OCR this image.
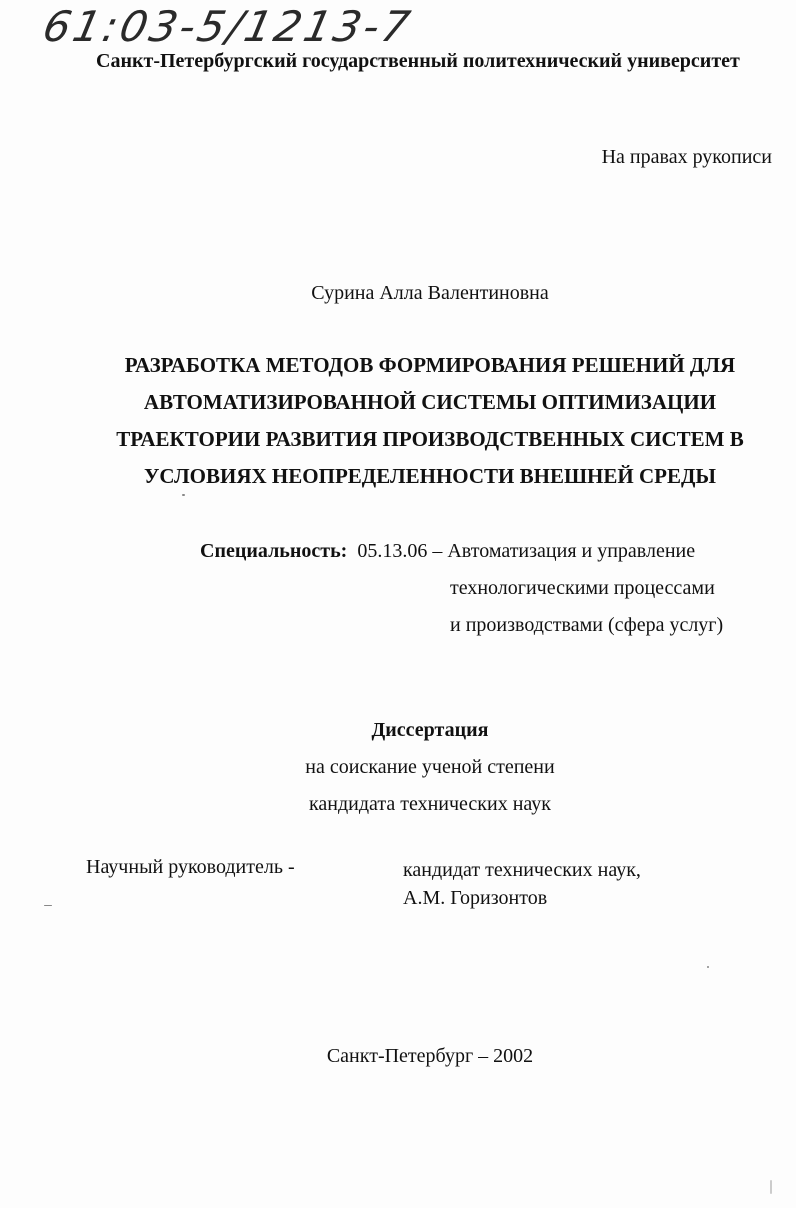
61:03-5/1213-7
Санкт-Петербургский государственный политехнический университет
На правах рукописи
Сурина Алла Валентиновна
РАЗРАБОТКА МЕТОДОВ ФОРМИРОВАНИЯ РЕШЕНИЙ ДЛЯ
АВТОМАТИЗИРОВАННОЙ СИСТЕМЫ ОПТИМИЗАЦИИ
ТРАЕКТОРИИ РАЗВИТИЯ ПРОИЗВОДСТВЕННЫХ СИСТЕМ В
УСЛОВИЯХ НЕОПРЕДЕЛЕННОСТИ ВНЕШНЕЙ СРЕДЫ
Специальность: 05.13.06 – Автоматизация и управление
технологическими процессами
и производствами (сфера услуг)
Диссертация
на соискание ученой степени
кандидата технических наук
Научный руководитель -	кандидат технических наук,
А.М. Горизонтов
Санкт-Петербург – 2002
